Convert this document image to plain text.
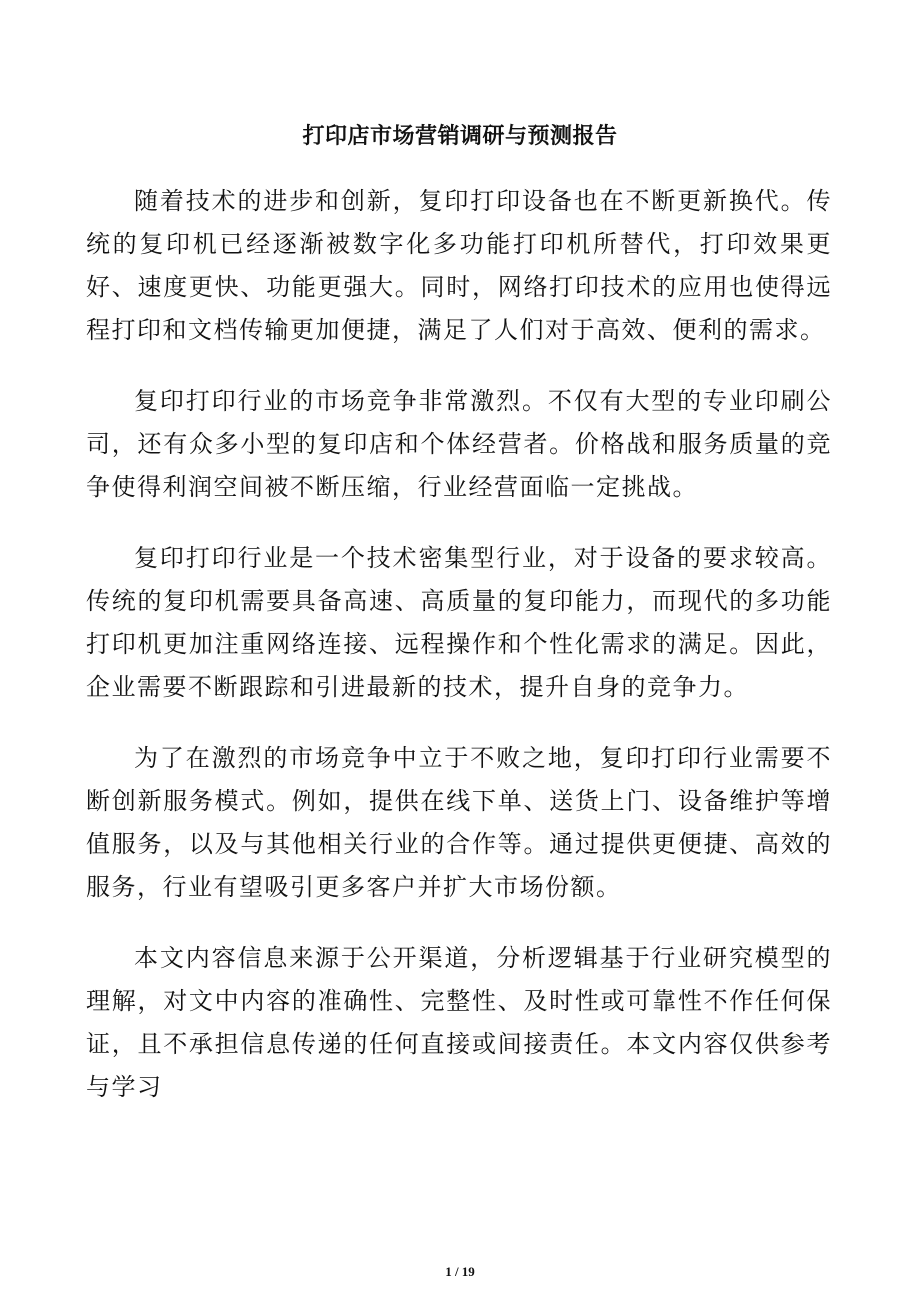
打印店市场营销调研与预测报告

随着技术的进步和创新，复印打印设备也在不断更新换代。传统的复印机已经逐渐被数字化多功能打印机所替代，打印效果更好、速度更快、功能更强大。同时，网络打印技术的应用也使得远程打印和文档传输更加便捷，满足了人们对于高效、便利的需求。

复印打印行业的市场竞争非常激烈。不仅有大型的专业印刷公司，还有众多小型的复印店和个体经营者。价格战和服务质量的竞争使得利润空间被不断压缩，行业经营面临一定挑战。

复印打印行业是一个技术密集型行业，对于设备的要求较高。传统的复印机需要具备高速、高质量的复印能力，而现代的多功能打印机更加注重网络连接、远程操作和个性化需求的满足。因此，企业需要不断跟踪和引进最新的技术，提升自身的竞争力。

为了在激烈的市场竞争中立于不败之地，复印打印行业需要不断创新服务模式。例如，提供在线下单、送货上门、设备维护等增值服务，以及与其他相关行业的合作等。通过提供更便捷、高效的服务，行业有望吸引更多客户并扩大市场份额。

本文内容信息来源于公开渠道，分析逻辑基于行业研究模型的理解，对文中内容的准确性、完整性、及时性或可靠性不作任何保证，且不承担信息传递的任何直接或间接责任。本文内容仅供参考与学习

1 / 19
